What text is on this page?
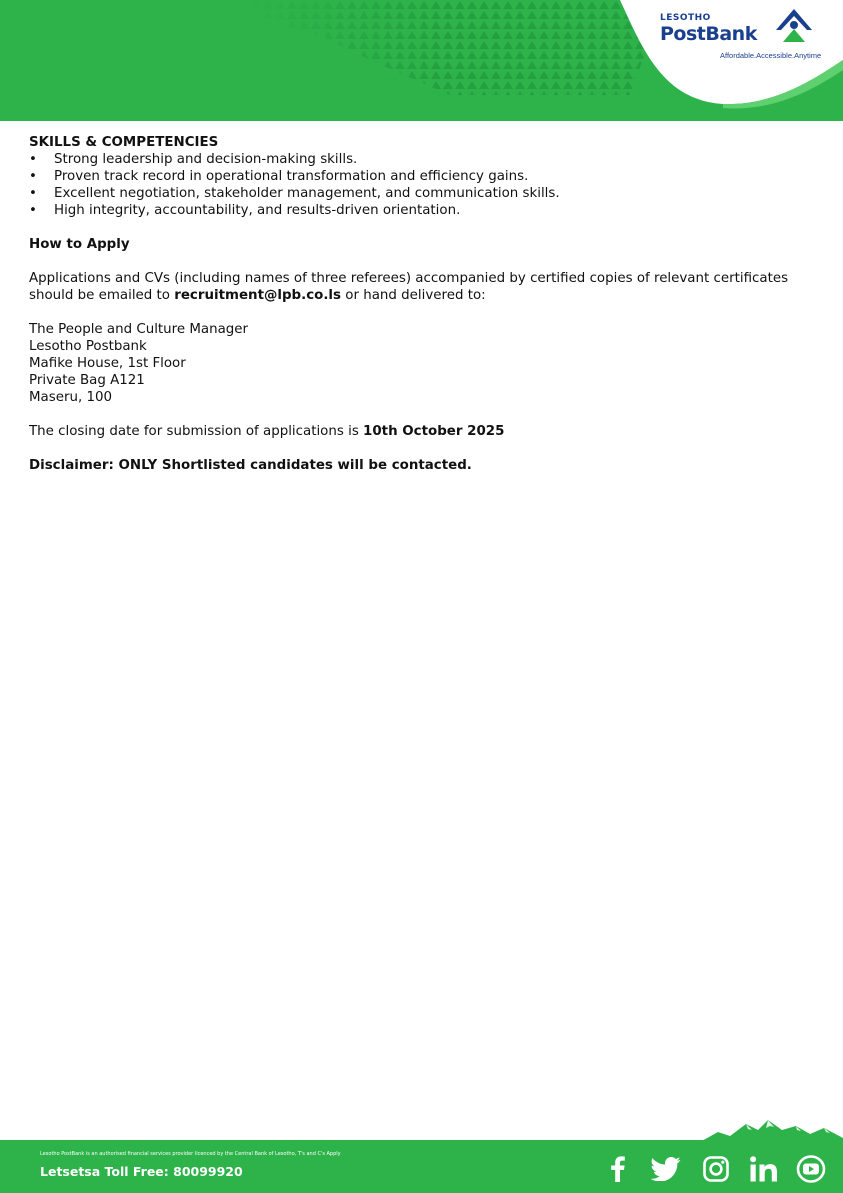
LESOTHO
PostBank
Affordable.Accessible.Anytime
SKILLS & COMPETENCIES
• Strong leadership and decision-making skills.
• Proven track record in operational transformation and efficiency gains.
• Excellent negotiation, stakeholder management, and communication skills.
• High integrity, accountability, and results-driven orientation.
How to Apply
Applications and CVs (including names of three referees) accompanied by certified copies of relevant certificates should be emailed to recruitment@lpb.co.ls or hand delivered to:
The People and Culture Manager
Lesotho Postbank
Mafike House, 1st Floor
Private Bag A121
Maseru, 100
The closing date for submission of applications is 10th October 2025
Disclaimer: ONLY Shortlisted candidates will be contacted.
Lesotho PostBank is an authorised financial services provider licenced by the Central Bank of Lesotho, T's and C's Apply
Letsetsa Toll Free: 80099920
